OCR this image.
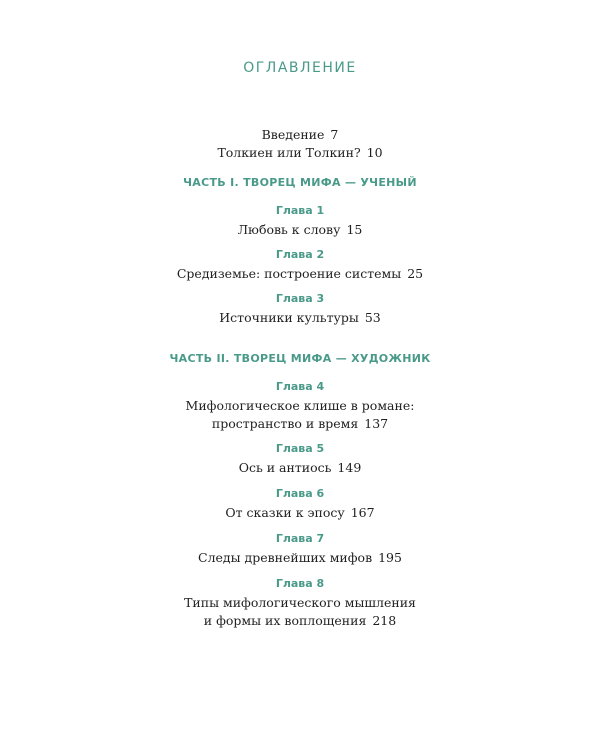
ОГЛАВЛЕНИЕ
Введение 7
Толкиен или Толкин? 10
ЧАСТЬ I. ТВОРЕЦ МИФА — УЧЕНЫЙ
Глава 1
Любовь к слову 15
Глава 2
Средиземье: построение системы 25
Глава 3
Источники культуры 53
ЧАСТЬ II. ТВОРЕЦ МИФА — ХУДОЖНИК
Глава 4
Мифологическое клише в романе:
пространство и время 137
Глава 5
Ось и антиось 149
Глава 6
От сказки к эпосу 167
Глава 7
Следы древнейших мифов 195
Глава 8
Типы мифологического мышления
и формы их воплощения 218
